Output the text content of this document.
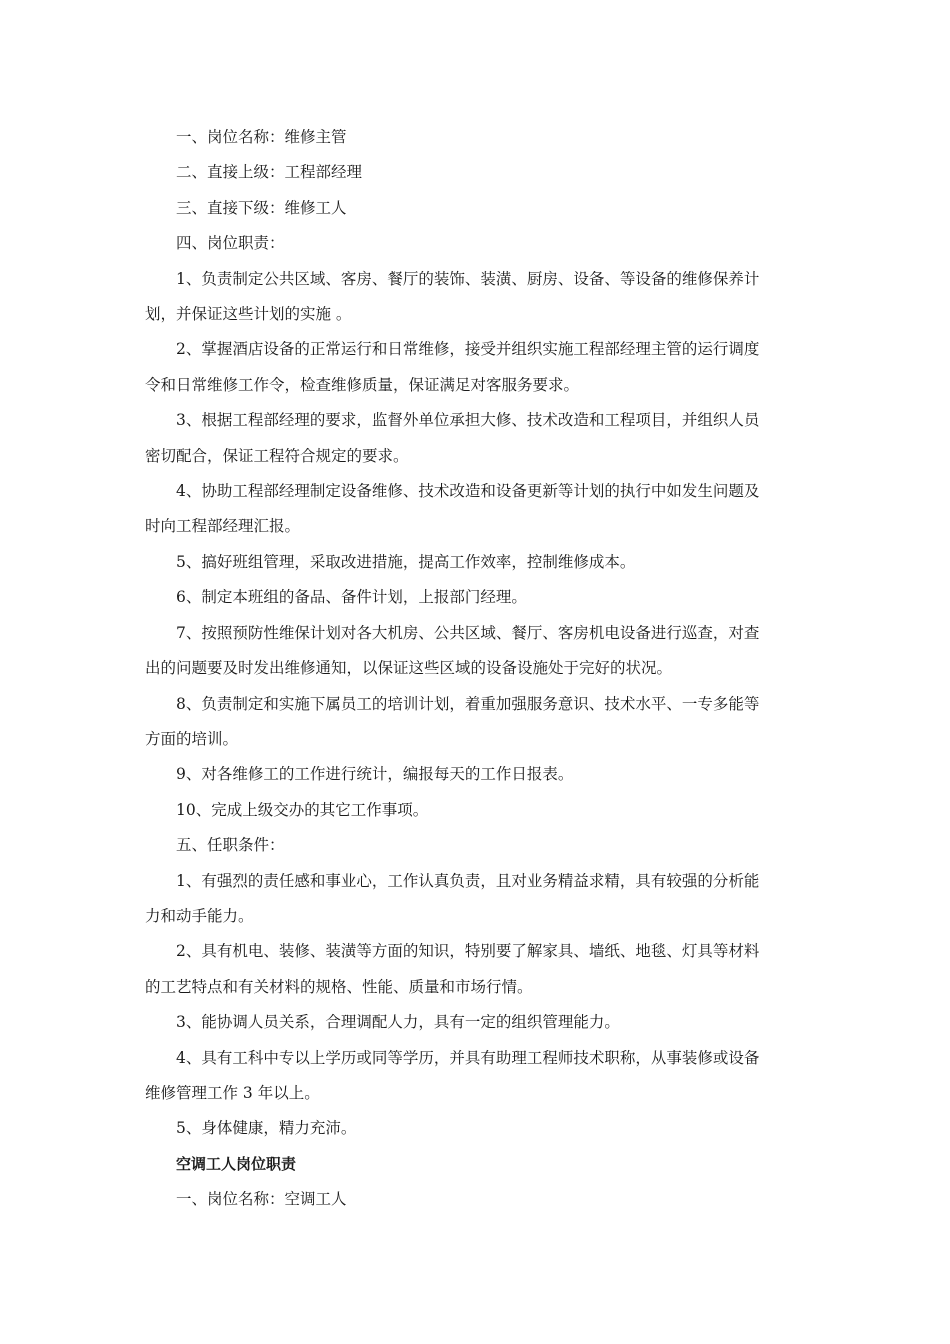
一、岗位名称：维修主管

二、直接上级：工程部经理

三、直接下级：维修工人

四、岗位职责：

1、负责制定公共区域、客房、餐厅的装饰、装潢、厨房、设备、等设备的维修保养计
划，并保证这些计划的实施 。

2、掌握酒店设备的正常运行和日常维修，接受并组织实施工程部经理主管的运行调度
令和日常维修工作令，检查维修质量，保证满足对客服务要求。

3、根据工程部经理的要求，监督外单位承担大修、技术改造和工程项目，并组织人员
密切配合，保证工程符合规定的要求。

4、协助工程部经理制定设备维修、技术改造和设备更新等计划的执行中如发生问题及
时向工程部经理汇报。

5、搞好班组管理，采取改进措施，提高工作效率，控制维修成本。

6、制定本班组的备品、备件计划，上报部门经理。

7、按照预防性维保计划对各大机房、公共区域、餐厅、客房机电设备进行巡查，对查
出的问题要及时发出维修通知，以保证这些区域的设备设施处于完好的状况。

8、负责制定和实施下属员工的培训计划，着重加强服务意识、技术水平、一专多能等
方面的培训。

9、对各维修工的工作进行统计，编报每天的工作日报表。

10、完成上级交办的其它工作事项。

五、任职条件：

1、有强烈的责任感和事业心，工作认真负责，且对业务精益求精，具有较强的分析能
力和动手能力。

2、具有机电、装修、装潢等方面的知识，特别要了解家具、墙纸、地毯、灯具等材料
的工艺特点和有关材料的规格、性能、质量和市场行情。

3、能协调人员关系，合理调配人力，具有一定的组织管理能力。

4、具有工科中专以上学历或同等学历，并具有助理工程师技术职称，从事装修或设备
维修管理工作 3 年以上。

5、身体健康，精力充沛。

空调工人岗位职责

一、岗位名称：空调工人
